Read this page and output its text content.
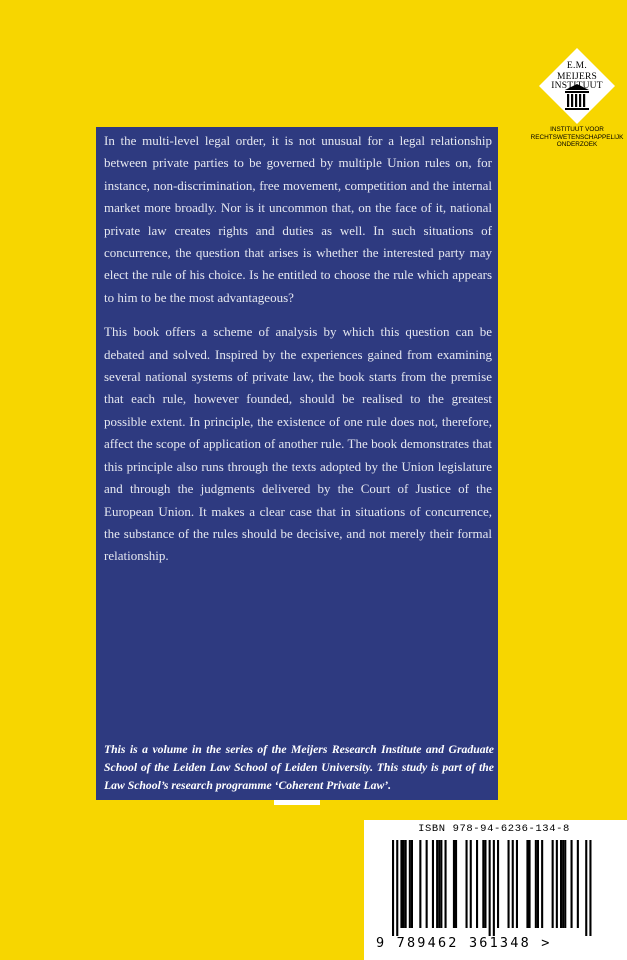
E.M.
MEIJERS
INSTITUUT
INSTITUUT VOOR
RECHTSWETENSCHAPPELIJK
ONDERZOEK

In the multi-level legal order, it is not unusual for a legal relationship between private parties to be governed by multiple Union rules on, for instance, non-discrimination, free movement, competition and the internal market more broadly. Nor is it uncommon that, on the face of it, national private law creates rights and duties as well. In such situations of concurrence, the question that arises is whether the interested party may elect the rule of his choice. Is he entitled to choose the rule which appears to him to be the most advantageous?

This book offers a scheme of analysis by which this question can be debated and solved. Inspired by the experiences gained from examining several national systems of private law, the book starts from the premise that each rule, however founded, should be realised to the greatest possible extent. In principle, the existence of one rule does not, therefore, affect the scope of application of another rule. The book demonstrates that this principle also runs through the texts adopted by the Union legislature and through the judgments delivered by the Court of Justice of the European Union. It makes a clear case that in situations of concurrence, the substance of the rules should be decisive, and not merely their formal relationship.

This is a volume in the series of the Meijers Research Institute and Graduate School of the Leiden Law School of Leiden University. This study is part of the Law School’s research programme ‘Coherent Private Law’.
ISBN 978-94-6236-134-8
9 789462 361348 >
